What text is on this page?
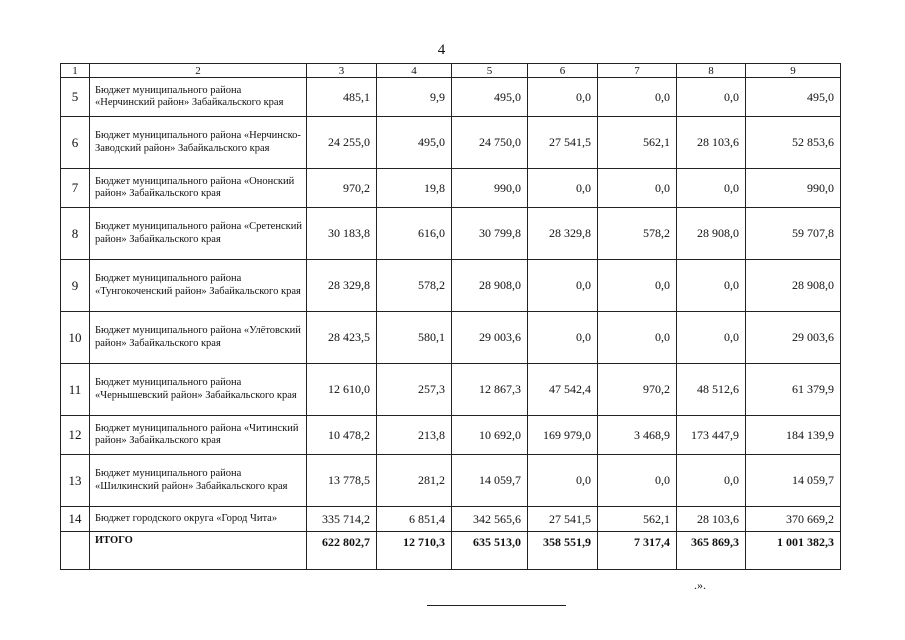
4
1	2	3	4	5	6	7	8	9
5	Бюджет муниципального района «Нерчинский район» Забайкальского края	485,1	9,9	495,0	0,0	0,0	0,0	495,0
6	Бюджет муниципального района «Нерчинско-Заводский район» Забайкальского края	24 255,0	495,0	24 750,0	27 541,5	562,1	28 103,6	52 853,6
7	Бюджет муниципального района «Ононский район» Забайкальского края	970,2	19,8	990,0	0,0	0,0	0,0	990,0
8	Бюджет муниципального района «Сретенский район» Забайкальского края	30 183,8	616,0	30 799,8	28 329,8	578,2	28 908,0	59 707,8
9	Бюджет муниципального района «Тунгокоченский район» Забайкальского края	28 329,8	578,2	28 908,0	0,0	0,0	0,0	28 908,0
10	Бюджет муниципального района «Улётовский район» Забайкальского края	28 423,5	580,1	29 003,6	0,0	0,0	0,0	29 003,6
11	Бюджет муниципального района «Чернышевский район» Забайкальского края	12 610,0	257,3	12 867,3	47 542,4	970,2	48 512,6	61 379,9
12	Бюджет муниципального района «Читинский район» Забайкальского края	10 478,2	213,8	10 692,0	169 979,0	3 468,9	173 447,9	184 139,9
13	Бюджет муниципального района «Шилкинский район» Забайкальского края	13 778,5	281,2	14 059,7	0,0	0,0	0,0	14 059,7
14	Бюджет городского округа «Город Чита»	335 714,2	6 851,4	342 565,6	27 541,5	562,1	28 103,6	370 669,2
	ИТОГО	622 802,7	12 710,3	635 513,0	358 551,9	7 317,4	365 869,3	1 001 382,3
.».
